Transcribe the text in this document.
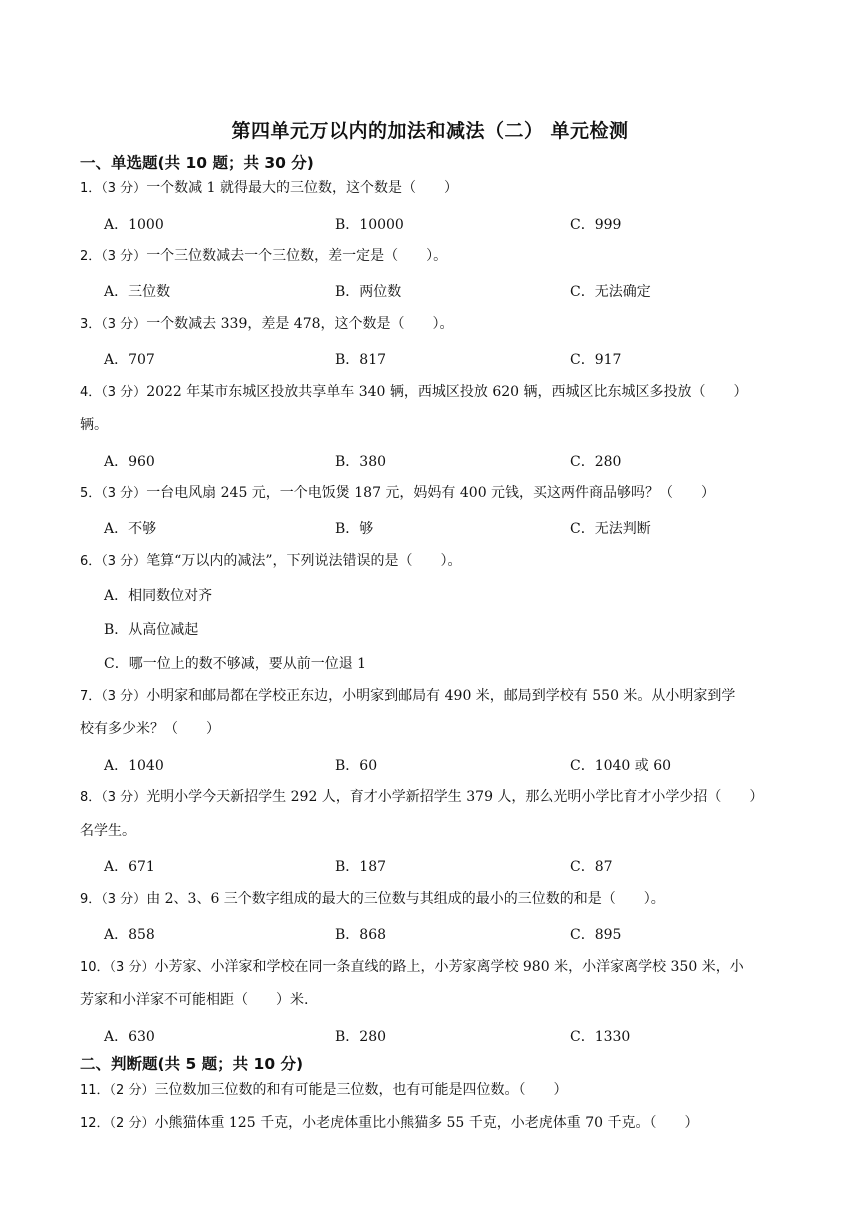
第四单元万以内的加法和减法（二） 单元检测
一、单选题(共 10 题；共 30 分)
1．（3 分）一个数减 1 就得最大的三位数，这个数是（　　）
A．1000	B．10000	C．999
2．（3 分）一个三位数减去一个三位数，差一定是（　　）。
A．三位数	B．两位数	C．无法确定
3．（3 分）一个数减去 339，差是 478，这个数是（　　）。
A．707	B．817	C．917
4．（3 分）2022 年某市东城区投放共享单车 340 辆，西城区投放 620 辆，西城区比东城区多投放（　　）
辆。
A．960	B．380	C．280
5．（3 分）一台电风扇 245 元，一个电饭煲 187 元，妈妈有 400 元钱，买这两件商品够吗？（　　）
A．不够	B．够	C．无法判断
6．（3 分）笔算“万以内的减法”，下列说法错误的是（　　）。
A．相同数位对齐
B．从高位减起
C．哪一位上的数不够减，要从前一位退 1
7．（3 分）小明家和邮局都在学校正东边，小明家到邮局有 490 米，邮局到学校有 550 米。从小明家到学
校有多少米？（　　）
A．1040	B．60	C．1040 或 60
8．（3 分）光明小学今天新招学生 292 人，育才小学新招学生 379 人，那么光明小学比育才小学少招（　　）
名学生。
A．671	B．187	C．87
9．（3 分）由 2、3、6 三个数字组成的最大的三位数与其组成的最小的三位数的和是（　　）。
A．858	B．868	C．895
10．（3 分）小芳家、小洋家和学校在同一条直线的路上，小芳家离学校 980 米，小洋家离学校 350 米，小
芳家和小洋家不可能相距（　　）米.
A．630	B．280	C．1330
二、判断题(共 5 题；共 10 分)
11．（2 分）三位数加三位数的和有可能是三位数，也有可能是四位数。（　　）
12．（2 分）小熊猫体重 125 千克，小老虎体重比小熊猫多 55 千克，小老虎体重 70 千克。（　　）
